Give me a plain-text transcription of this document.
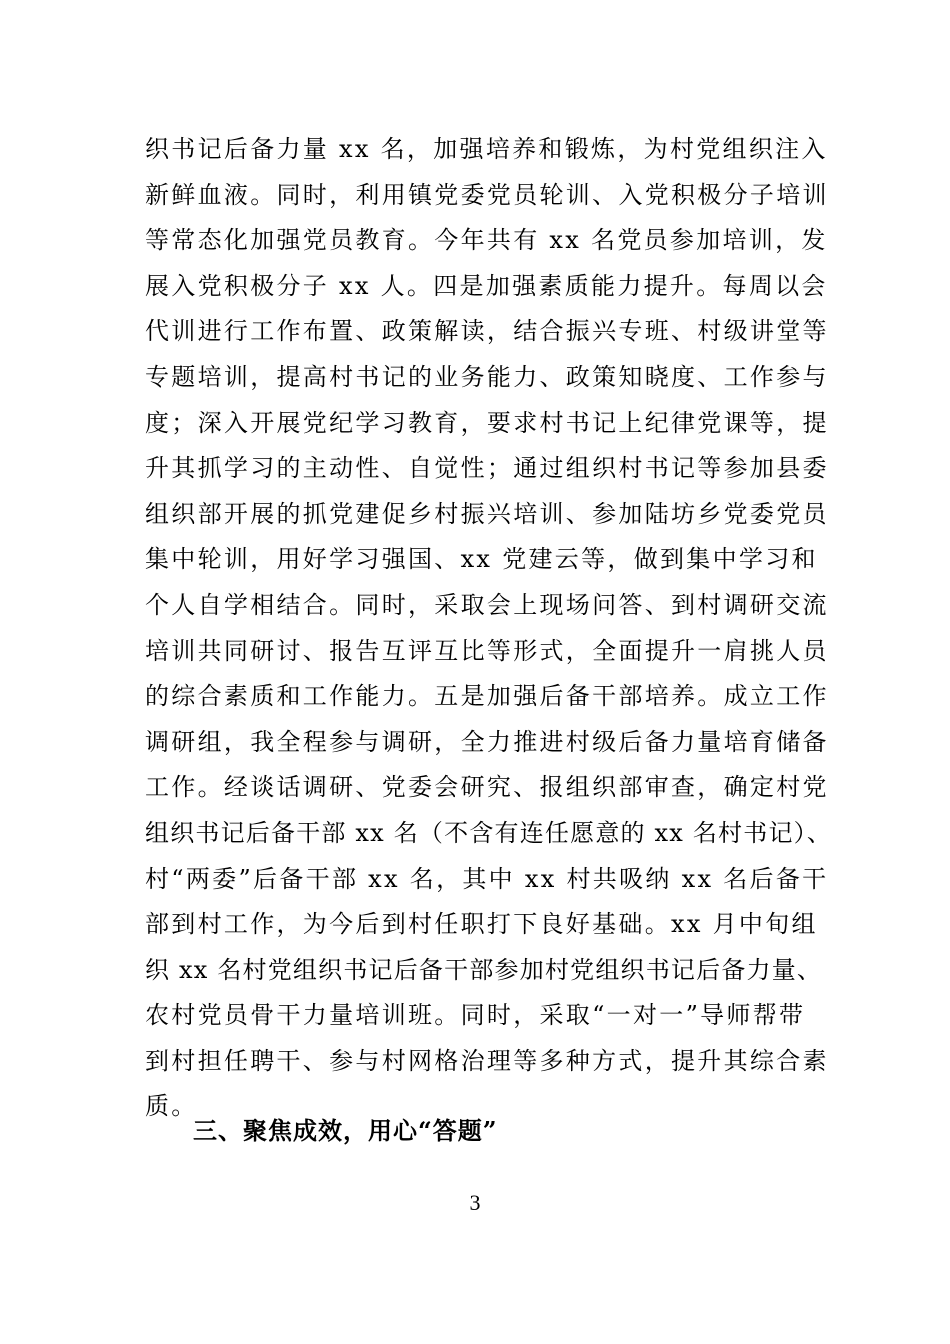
织书记后备力量 xx 名，加强培养和锻炼，为村党组织注入
新鲜血液。同时，利用镇党委党员轮训、入党积极分子培训
等常态化加强党员教育。今年共有 xx 名党员参加培训，发
展入党积极分子 xx 人。四是加强素质能力提升。每周以会
代训进行工作布置、政策解读，结合振兴专班、村级讲堂等
专题培训，提高村书记的业务能力、政策知晓度、工作参与
度；深入开展党纪学习教育，要求村书记上纪律党课等，提
升其抓学习的主动性、自觉性；通过组织村书记等参加县委
组织部开展的抓党建促乡村振兴培训、参加陆坊乡党委党员
集中轮训，用好学习强国、xx 党建云等，做到集中学习和
个人自学相结合。同时，采取会上现场问答、到村调研交流
培训共同研讨、报告互评互比等形式，全面提升一肩挑人员
的综合素质和工作能力。五是加强后备干部培养。成立工作
调研组，我全程参与调研，全力推进村级后备力量培育储备
工作。经谈话调研、党委会研究、报组织部审查，确定村党
组织书记后备干部 xx 名（不含有连任愿意的 xx 名村书记）、
村“两委”后备干部 xx 名，其中 xx 村共吸纳 xx 名后备干
部到村工作，为今后到村任职打下良好基础。xx 月中旬组
织 xx 名村党组织书记后备干部参加村党组织书记后备力量、
农村党员骨干力量培训班。同时，采取“一对一”导师帮带
到村担任聘干、参与村网格治理等多种方式，提升其综合素
质。
三、聚焦成效，用心“答题”
3
